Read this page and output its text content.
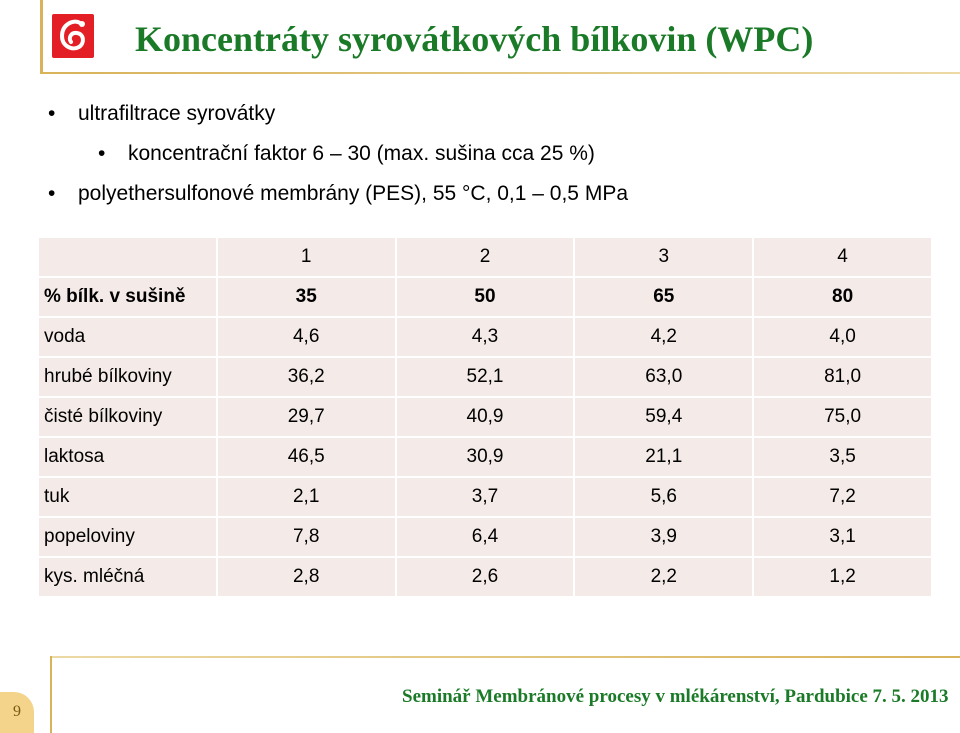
Koncentráty syrovátkových bílkovin (WPC)
• ultrafiltrace syrovátky
• koncentrační faktor 6 – 30 (max. sušina cca 25 %)
• polyethersulfonové membrány (PES), 55 °C, 0,1 – 0,5 MPa
	1	2	3	4
% bílk. v sušině	35	50	65	80
voda	4,6	4,3	4,2	4,0
hrubé bílkoviny	36,2	52,1	63,0	81,0
čisté bílkoviny	29,7	40,9	59,4	75,0
laktosa	46,5	30,9	21,1	3,5
tuk	2,1	3,7	5,6	7,2
popeloviny	7,8	6,4	3,9	3,1
kys. mléčná	2,8	2,6	2,2	1,2
9
Seminář Membránové procesy v mlékárenství, Pardubice 7. 5. 2013
